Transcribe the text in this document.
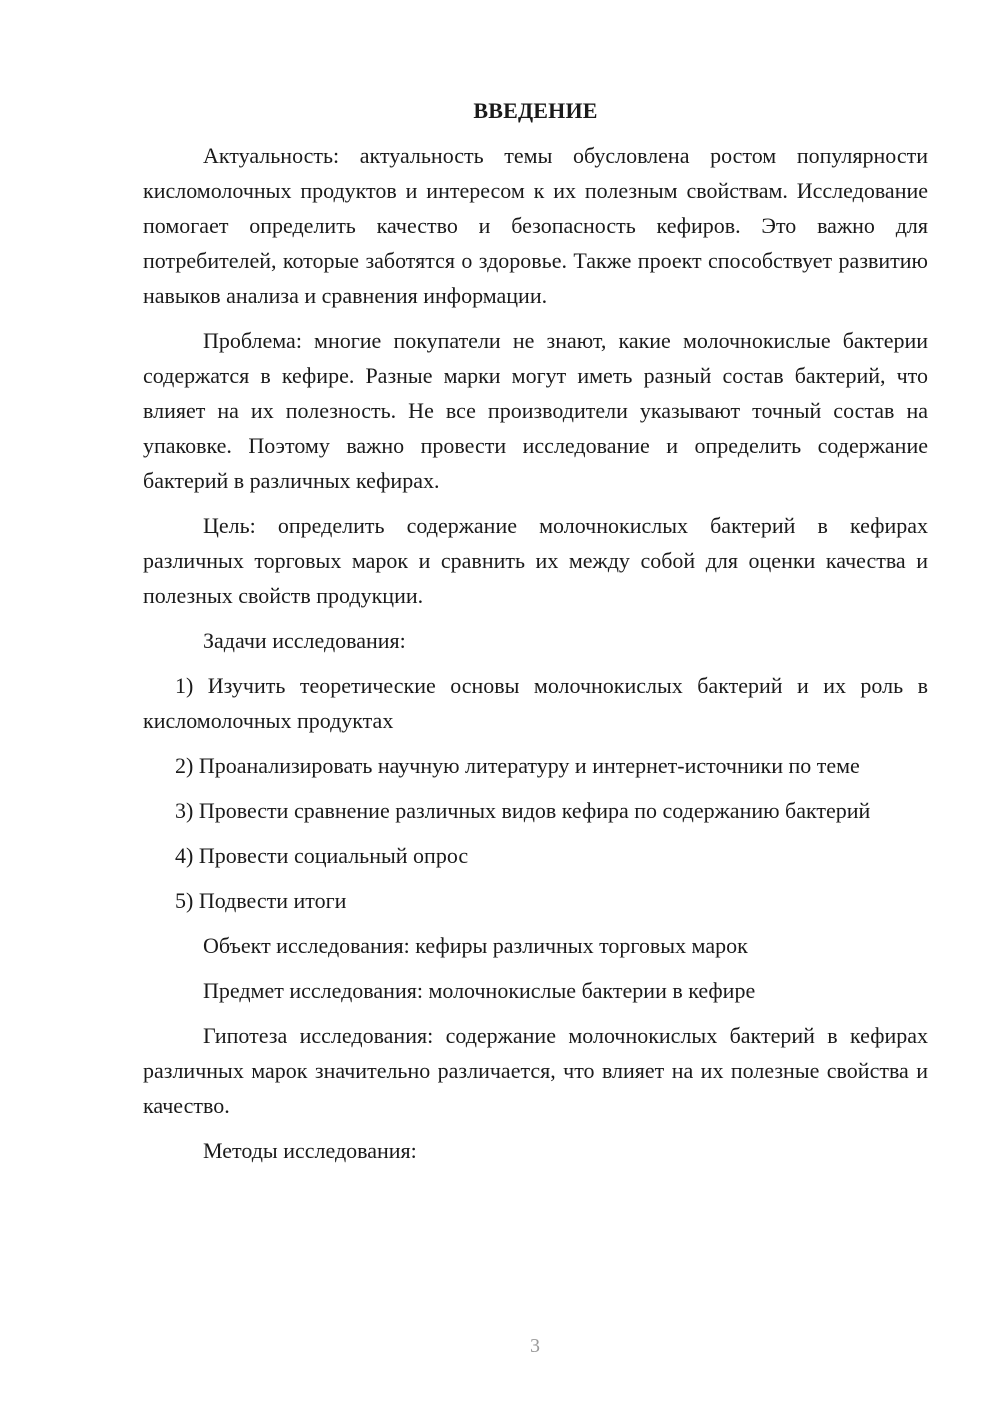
ВВЕДЕНИЕ

Актуальность: актуальность темы обусловлена ростом популярности кисломолочных продуктов и интересом к их полезным свойствам. Исследование помогает определить качество и безопасность кефиров. Это важно для потребителей, которые заботятся о здоровье. Также проект способствует развитию навыков анализа и сравнения информации.

Проблема: многие покупатели не знают, какие молочнокислые бактерии содержатся в кефире. Разные марки могут иметь разный состав бактерий, что влияет на их полезность. Не все производители указывают точный состав на упаковке. Поэтому важно провести исследование и определить содержание бактерий в различных кефирах.

Цель: определить содержание молочнокислых бактерий в кефирах различных торговых марок и сравнить их между собой для оценки качества и полезных свойств продукции.

Задачи исследования:

1) Изучить теоретические основы молочнокислых бактерий и их роль в кисломолочных продуктах

2) Проанализировать научную литературу и интернет-источники по теме

3) Провести сравнение различных видов кефира по содержанию бактерий

4) Провести социальный опрос

5) Подвести итоги

Объект исследования: кефиры различных торговых марок

Предмет исследования: молочнокислые бактерии в кефире

Гипотеза исследования: содержание молочнокислых бактерий в кефирах различных марок значительно различается, что влияет на их полезные свойства и качество.

Методы исследования:

3
